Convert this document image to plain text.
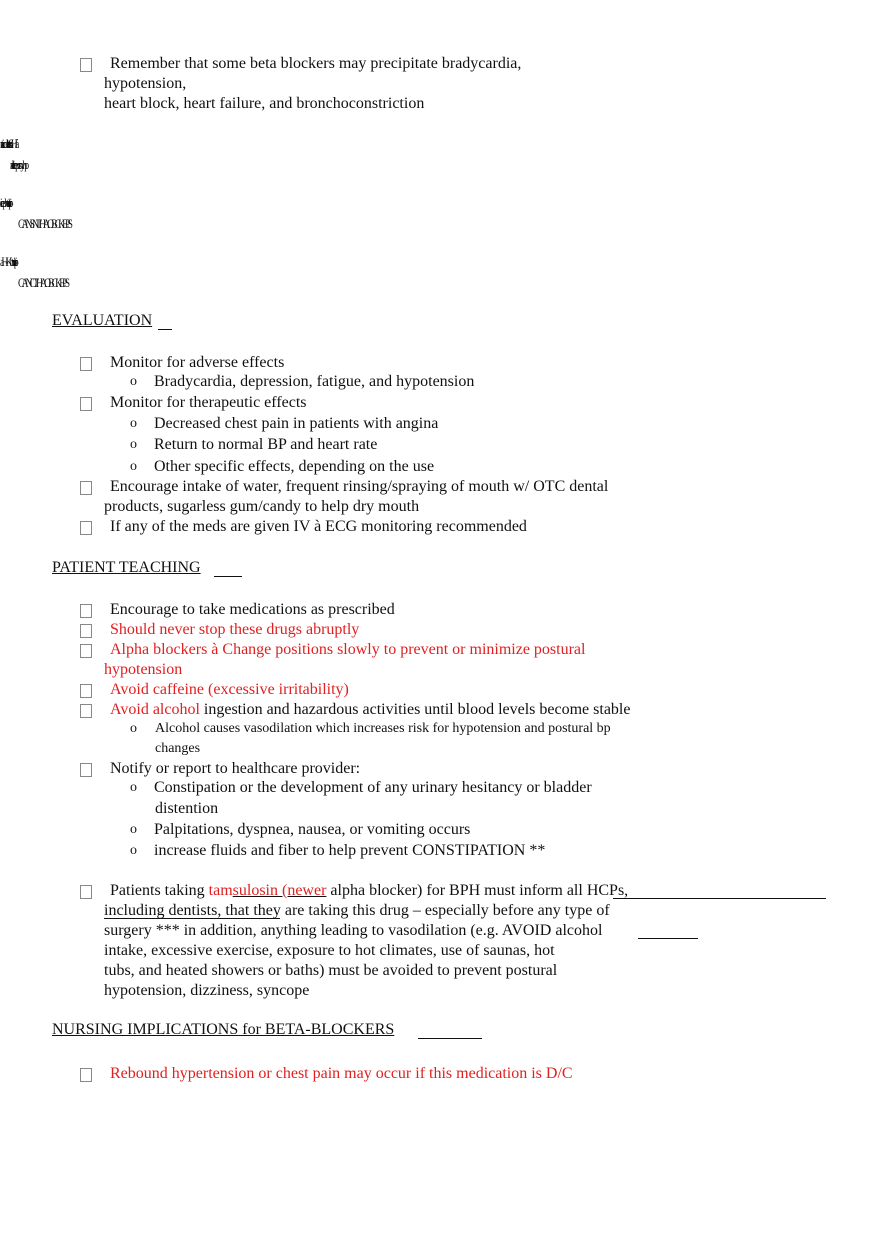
Remember that some beta blockers may precipitate bradycardia,
hypotension,
heart block, heart failure, and bronchoconstriction
ni tacdeh t rcts StHfa
ralcirtcrepcs nyhp
icephtvistcri tp-
CANSNTHAOBCKEPS
aH-Khtvistcri tp-
CANCTHAOBCKEPS
EVALUATION
Monitor for adverse effects
o Bradycardia, depression, fatigue, and hypotension
Monitor for therapeutic effects
o Decreased chest pain in patients with angina
o Return to normal BP and heart rate
o Other specific effects, depending on the use
Encourage intake of water, frequent rinsing/spraying of mouth w/ OTC dental
products, sugarless gum/candy to help dry mouth
If any of the meds are given IV à ECG monitoring recommended
PATIENT TEACHING
Encourage to take medications as prescribed
Should never stop these drugs abruptly
Alpha blockers à Change positions slowly to prevent or minimize postural
hypotension
Avoid caffeine (excessive irritability)
Avoid alcohol ingestion and hazardous activities until blood levels become stable
o Alcohol causes vasodilation which increases risk for hypotension and postural bp
changes
Notify or report to healthcare provider:
o Constipation or the development of any urinary hesitancy or bladder
distention
o Palpitations, dyspnea, nausea, or vomiting occurs
o increase fluids and fiber to help prevent CONSTIPATION **
Patients taking tamsulosin (newer alpha blocker) for BPH must inform all HCPs,
including dentists, that they are taking this drug – especially before any type of
surgery *** in addition, anything leading to vasodilation (e.g. AVOID alcohol
intake, excessive exercise, exposure to hot climates, use of saunas, hot
tubs, and heated showers or baths) must be avoided to prevent postural
hypotension, dizziness, syncope
NURSING IMPLICATIONS for BETA-BLOCKERS
Rebound hypertension or chest pain may occur if this medication is D/C
